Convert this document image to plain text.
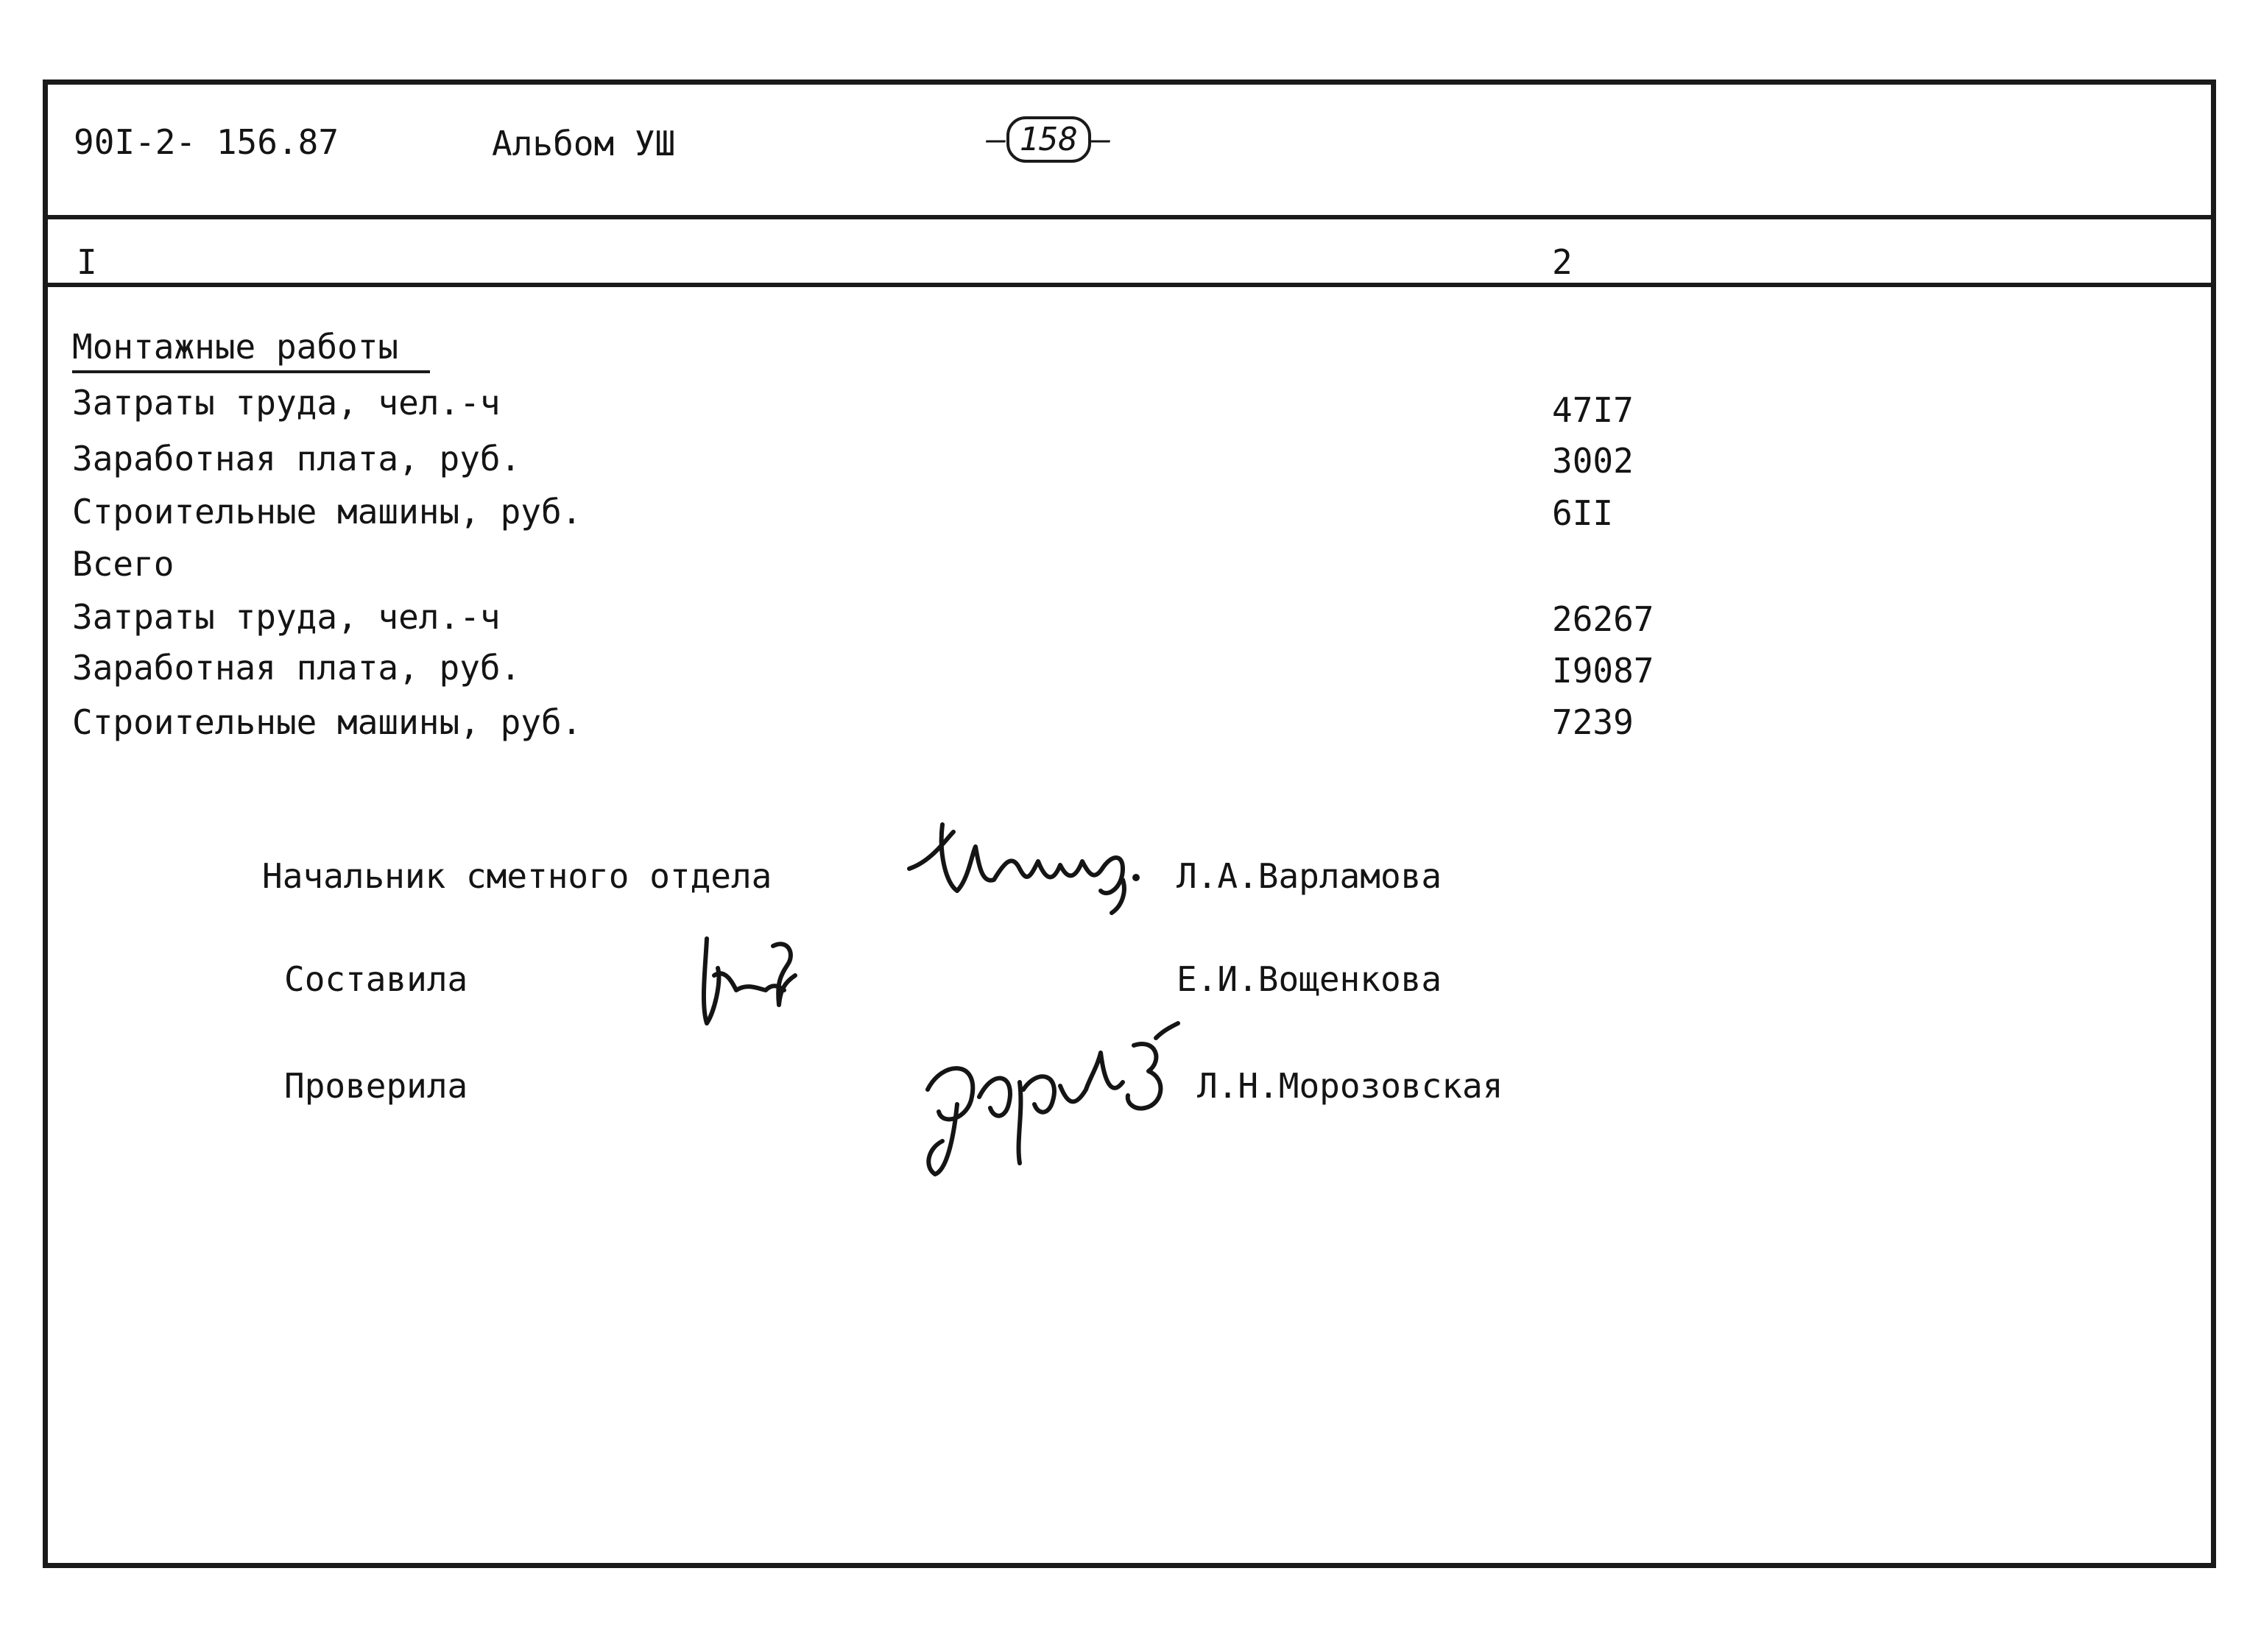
90I-2- 156.87	Альбом УШ	– 158 –
I	2
Монтажные работы
Затраты труда, чел.-ч	47I7
Заработная плата, руб.	3002
Строительные машины, руб.	6II
Всего
Затраты труда, чел.-ч	26267
Заработная плата, руб.	I9087
Строительные машины, руб.	7239
Начальник сметного отдела	Л.А.Варламова
Составила	Е.И.Вощенкова
Проверила	Л.Н.Морозовская
